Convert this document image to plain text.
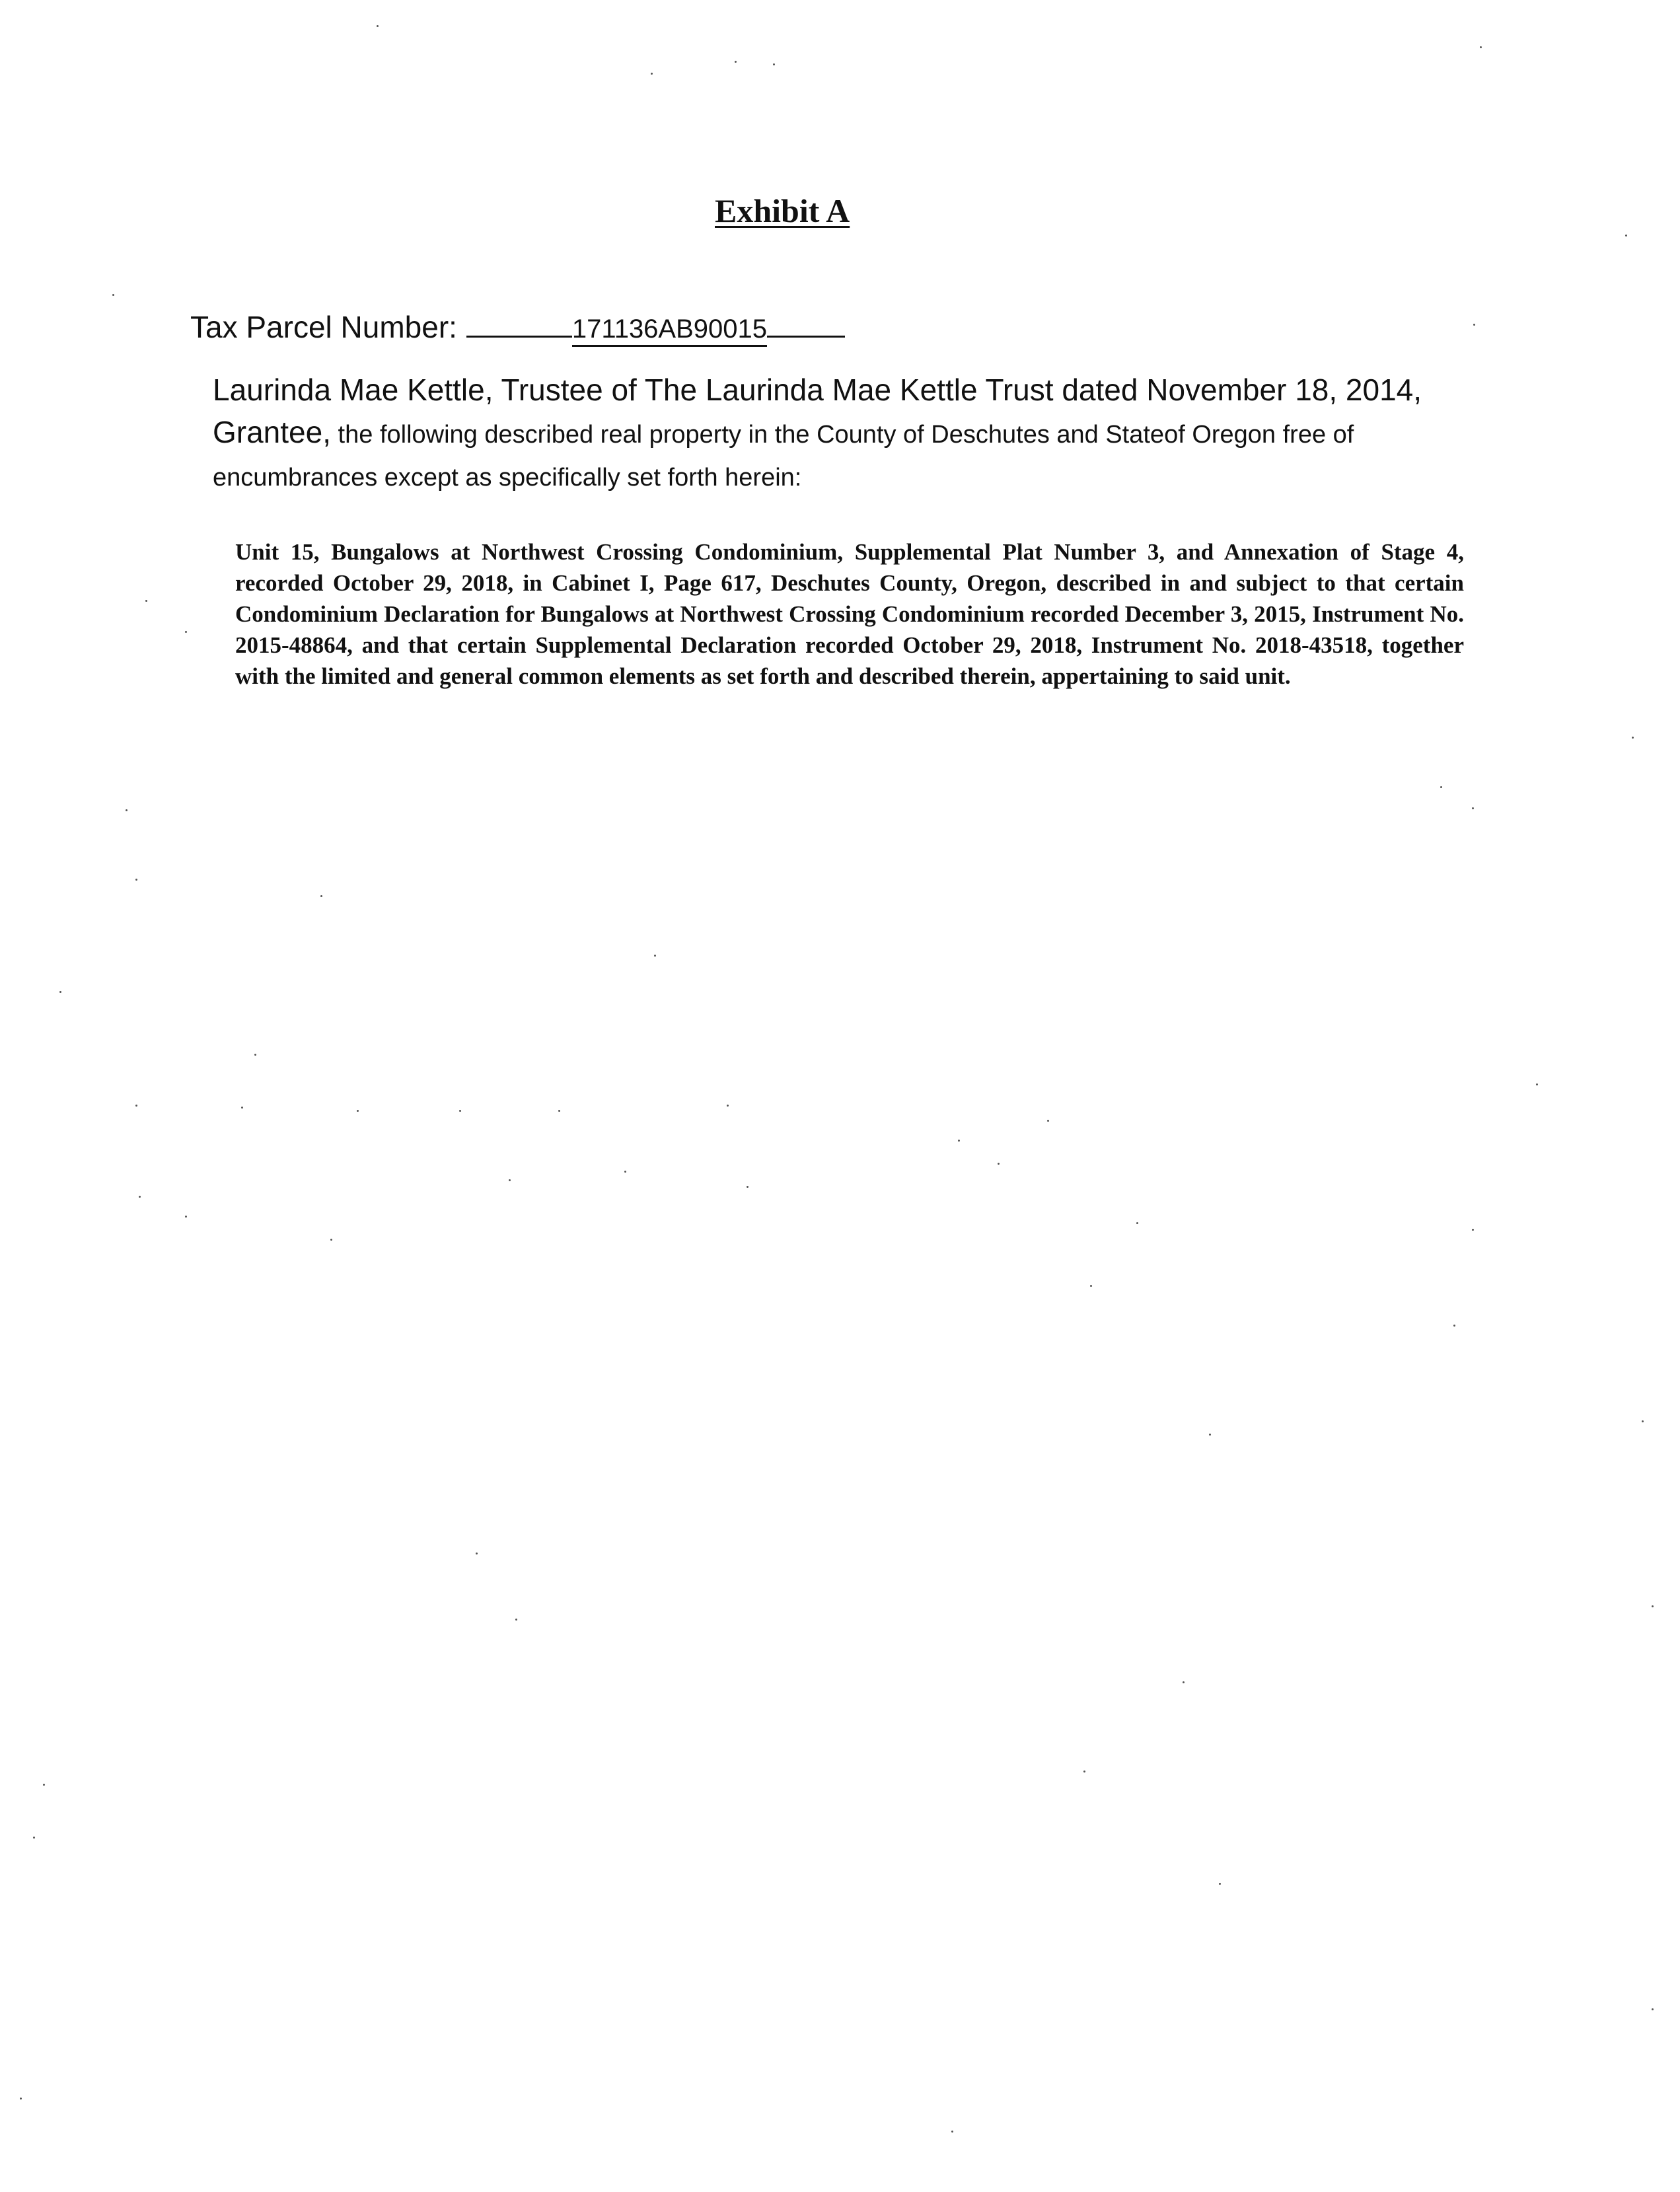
Exhibit A
Tax Parcel Number:	171136AB90015
Laurinda Mae Kettle, Trustee of The Laurinda Mae Kettle Trust dated November 18, 2014,
Grantee, the following described real property in the County of Deschutes and Stateof Oregon free of
encumbrances except as specifically set forth herein:
Unit 15, Bungalows at Northwest Crossing Condominium, Supplemental Plat Number 3, and Annexation of Stage 4, recorded October 29, 2018, in Cabinet I, Page 617, Deschutes County, Oregon, described in and subject to that certain Condominium Declaration for Bungalows at Northwest Crossing Condominium recorded December 3, 2015, Instrument No. 2015-48864, and that certain Supplemental Declaration recorded October 29, 2018, Instrument No. 2018-43518, together with the limited and general common elements as set forth and described therein, appertaining to said unit.
